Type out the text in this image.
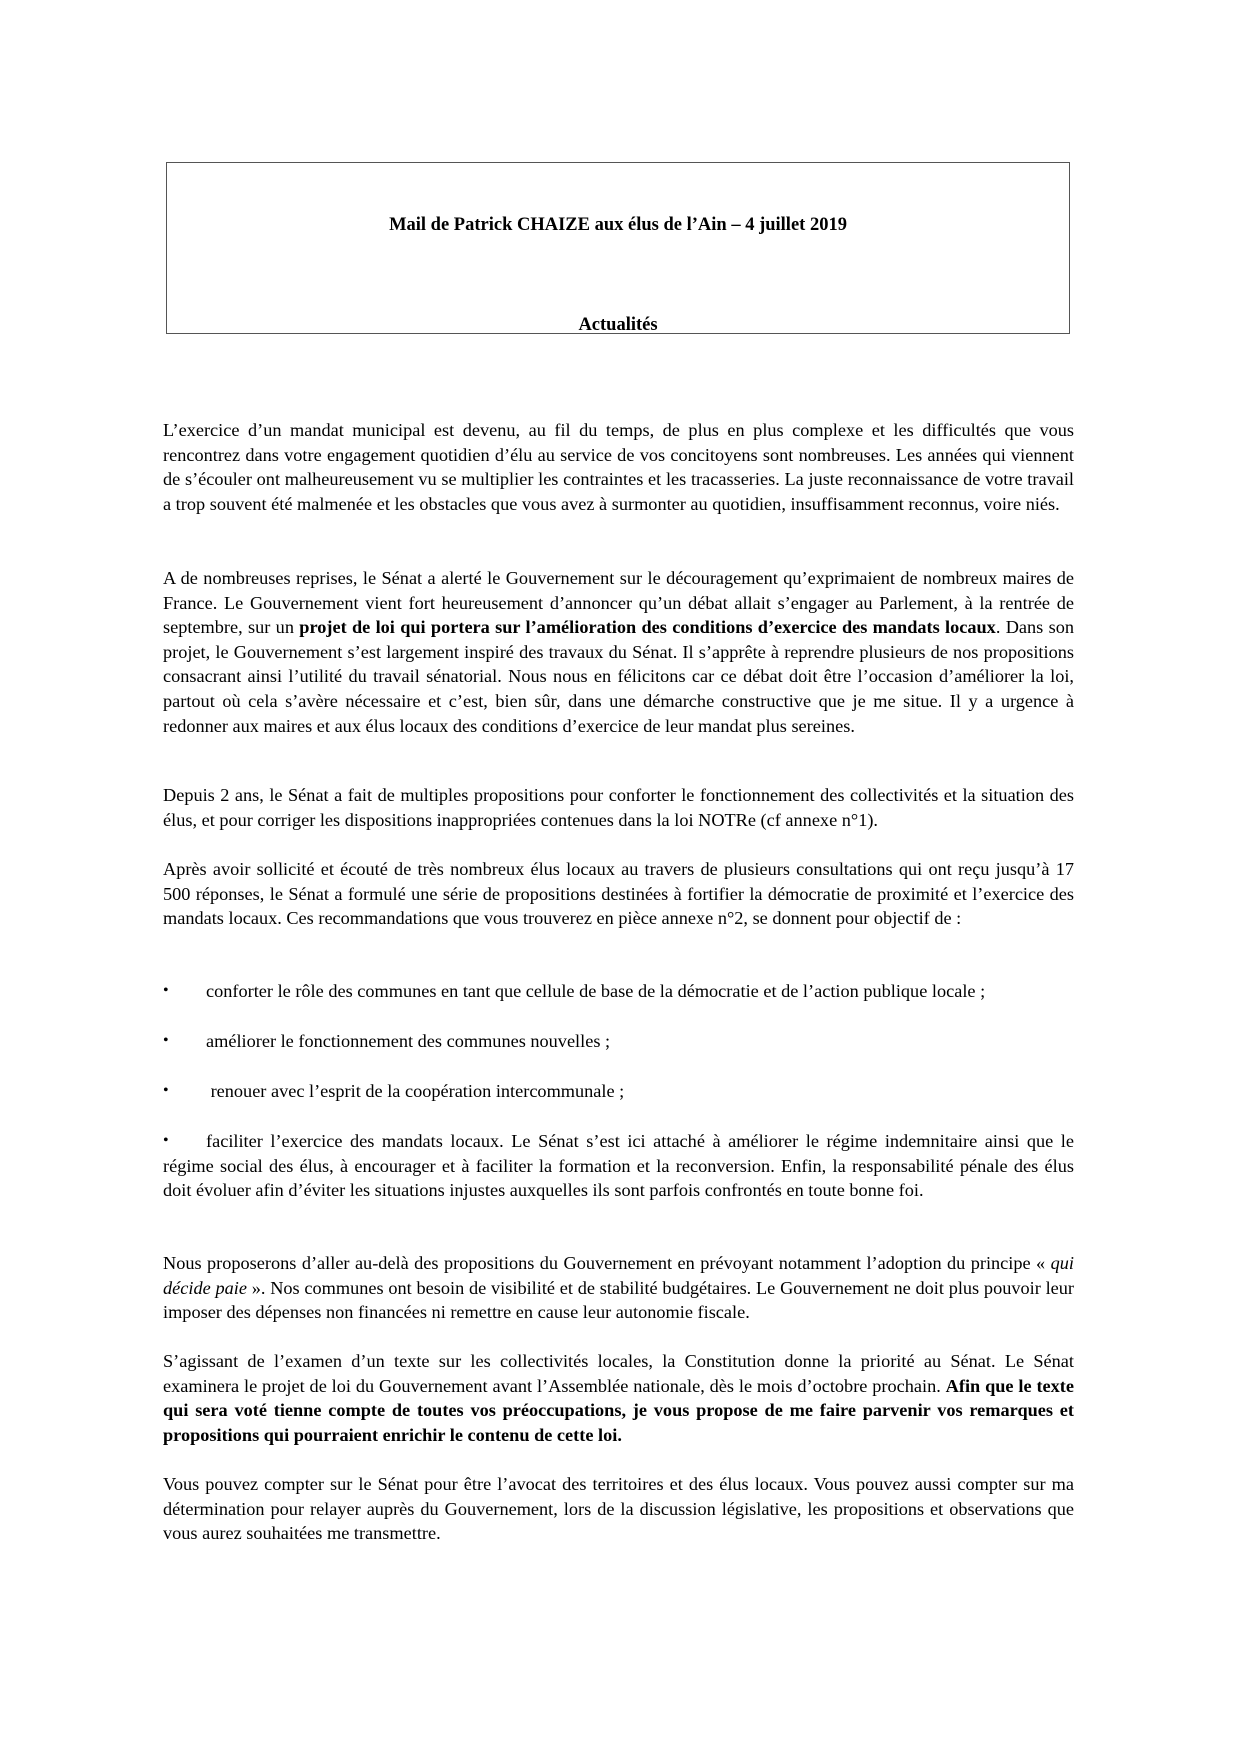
Mail de Patrick CHAIZE aux élus de l’Ain – 4 juillet 2019
Actualités

L’exercice d’un mandat municipal est devenu, au fil du temps, de plus en plus complexe et les difficultés que vous rencontrez dans votre engagement quotidien d’élu au service de vos concitoyens sont nombreuses. Les années qui viennent de s’écouler ont malheureusement vu se multiplier les contraintes et les tracasseries. La juste reconnaissance de votre travail a trop souvent été malmenée et les obstacles que vous avez à surmonter au quotidien, insuffisamment reconnus, voire niés.

A de nombreuses reprises, le Sénat a alerté le Gouvernement sur le découragement qu’exprimaient de nombreux maires de France. Le Gouvernement vient fort heureusement d’annoncer qu’un débat allait s’engager au Parlement, à la rentrée de septembre, sur un projet de loi qui portera sur l’amélioration des conditions d’exercice des mandats locaux. Dans son projet, le Gouvernement s’est largement inspiré des travaux du Sénat. Il s’apprête à reprendre plusieurs de nos propositions consacrant ainsi l’utilité du travail sénatorial. Nous nous en félicitons car ce débat doit être l’occasion d’améliorer la loi, partout où cela s’avère nécessaire et c’est, bien sûr, dans une démarche constructive que je me situe. Il y a urgence à redonner aux maires et aux élus locaux des conditions d’exercice de leur mandat plus sereines.

Depuis 2 ans, le Sénat a fait de multiples propositions pour conforter le fonctionnement des collectivités et la situation des élus, et pour corriger les dispositions inappropriées contenues dans la loi NOTRe (cf annexe n°1).

Après avoir sollicité et écouté de très nombreux élus locaux au travers de plusieurs consultations qui ont reçu jusqu’à 17 500 réponses, le Sénat a formulé une série de propositions destinées à fortifier la démocratie de proximité et l’exercice des mandats locaux. Ces recommandations que vous trouverez en pièce annexe n°2, se donnent pour objectif de :

•	conforter le rôle des communes en tant que cellule de base de la démocratie et de l’action publique locale ;
•	améliorer le fonctionnement des communes nouvelles ;
•	renouer avec l’esprit de la coopération intercommunale ;
•	faciliter l’exercice des mandats locaux. Le Sénat s’est ici attaché à améliorer le régime indemnitaire ainsi que le régime social des élus, à encourager et à faciliter la formation et la reconversion. Enfin, la responsabilité pénale des élus doit évoluer afin d’éviter les situations injustes auxquelles ils sont parfois confrontés en toute bonne foi.

Nous proposerons d’aller au-delà des propositions du Gouvernement en prévoyant notamment l’adoption du principe « qui décide paie ». Nos communes ont besoin de visibilité et de stabilité budgétaires. Le Gouvernement ne doit plus pouvoir leur imposer des dépenses non financées ni remettre en cause leur autonomie fiscale.

S’agissant de l’examen d’un texte sur les collectivités locales, la Constitution donne la priorité au Sénat. Le Sénat examinera le projet de loi du Gouvernement avant l’Assemblée nationale, dès le mois d’octobre prochain. Afin que le texte qui sera voté tienne compte de toutes vos préoccupations, je vous propose de me faire parvenir vos remarques et propositions qui pourraient enrichir le contenu de cette loi.

Vous pouvez compter sur le Sénat pour être l’avocat des territoires et des élus locaux. Vous pouvez aussi compter sur ma détermination pour relayer auprès du Gouvernement, lors de la discussion législative, les propositions et observations que vous aurez souhaitées me transmettre.
